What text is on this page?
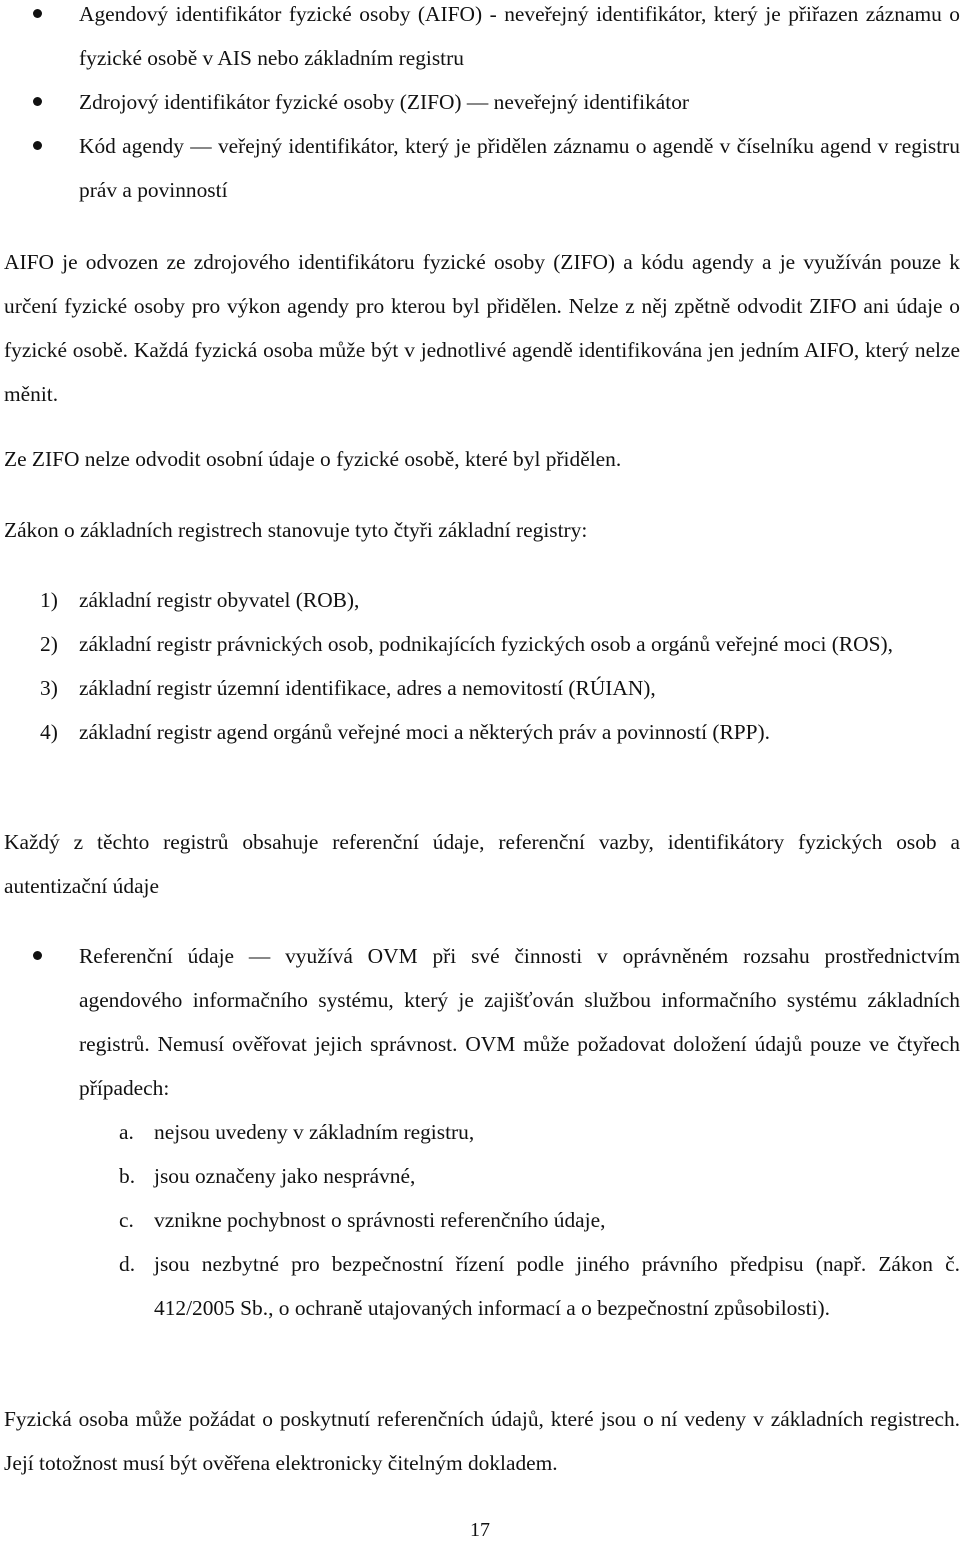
Agendový identifikátor fyzické osoby (AIFO) - neveřejný identifikátor, který je přiřazen záznamu o fyzické osobě v AIS nebo základním registru
Zdrojový identifikátor fyzické osoby (ZIFO) — neveřejný identifikátor
Kód agendy — veřejný identifikátor, který je přidělen záznamu o agendě v číselníku agend v registru práv a povinností

AIFO je odvozen ze zdrojového identifikátoru fyzické osoby (ZIFO) a kódu agendy a je využíván pouze k určení fyzické osoby pro výkon agendy pro kterou byl přidělen. Nelze z něj zpětně odvodit ZIFO ani údaje o fyzické osobě. Každá fyzická osoba může být v jednotlivé agendě identifikována jen jedním AIFO, který nelze měnit.

Ze ZIFO nelze odvodit osobní údaje o fyzické osobě, které byl přidělen.

Zákon o základních registrech stanovuje tyto čtyři základní registry:

1) základní registr obyvatel (ROB),
2) základní registr právnických osob, podnikajících fyzických osob a orgánů veřejné moci (ROS),
3) základní registr územní identifikace, adres a nemovitostí (RÚIAN),
4) základní registr agend orgánů veřejné moci a některých práv a povinností (RPP).

Každý z těchto registrů obsahuje referenční údaje, referenční vazby, identifikátory fyzických osob a autentizační údaje

Referenční údaje — využívá OVM při své činnosti v oprávněném rozsahu prostřednictvím agendového informačního systému, který je zajišťován službou informačního systému základních registrů. Nemusí ověřovat jejich správnost. OVM může požadovat doložení údajů pouze ve čtyřech případech:
a. nejsou uvedeny v základním registru,
b. jsou označeny jako nesprávné,
c. vznikne pochybnost o správnosti referenčního údaje,
d. jsou nezbytné pro bezpečnostní řízení podle jiného právního předpisu (např. Zákon č. 412/2005 Sb., o ochraně utajovaných informací a o bezpečnostní způsobilosti).

Fyzická osoba může požádat o poskytnutí referenčních údajů, které jsou o ní vedeny v základních registrech. Její totožnost musí být ověřena elektronicky čitelným dokladem.

17
